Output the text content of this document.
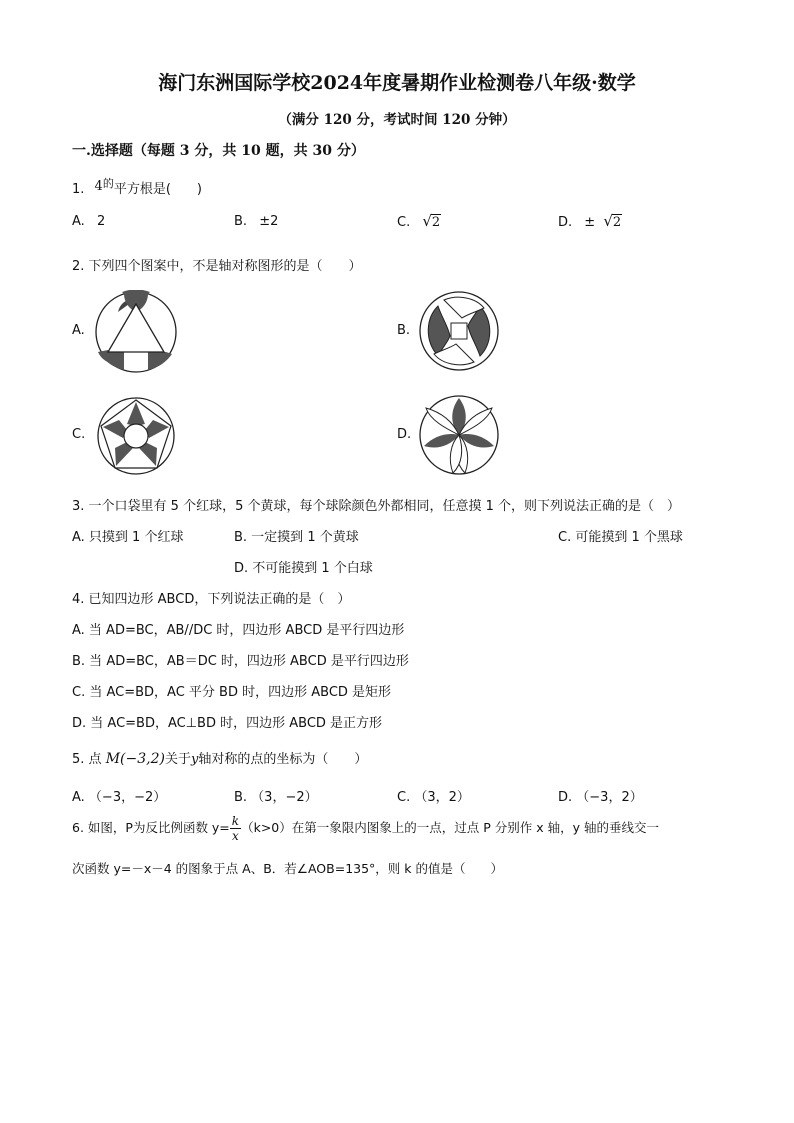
海门东洲国际学校2024年度暑期作业检测卷八年级·数学
（满分 120 分，考试时间 120 分钟）
一.选择题（每题 3 分，共 10 题，共 30 分）
1. $4^的$平方根是(　　)
A. 2	B. ±2	C. √2	D. ± √2
2. 下列四个图案中，不是轴对称图形的是（　　）
A.	B.
C.	D.
3. 一个口袋里有 5 个红球，5 个黄球，每个球除颜色外都相同，任意摸 1 个，则下列说法正确的是（　）
A. 只摸到 1 个红球	B. 一定摸到 1 个黄球	C. 可能摸到 1 个黑球
D. 不可能摸到 1 个白球
4. 已知四边形 ABCD，下列说法正确的是（　）
A. 当 AD=BC，AB//DC 时，四边形 ABCD 是平行四边形
B. 当 AD=BC，AB＝DC 时，四边形 ABCD 是平行四边形
C. 当 AC=BD，AC 平分 BD 时，四边形 ABCD 是矩形
D. 当 AC=BD，AC⊥BD 时，四边形 ABCD 是正方形
5. 点 M(−3,2)关于y轴对称的点的坐标为（　　）
A. （−3，−2）	B. （3，−2）	C. （3，2）	D. （−3，2）
6. 如图，P为反比例函数 $y= \frac{k}{x} (k>0)$在第一象限内图象上的一点，过点 P 分别作 x 轴，y 轴的垂线交一
次函数 y=－x－4 的图象于点 A、B．若∠AOB=135°，则 k 的值是（　　）
